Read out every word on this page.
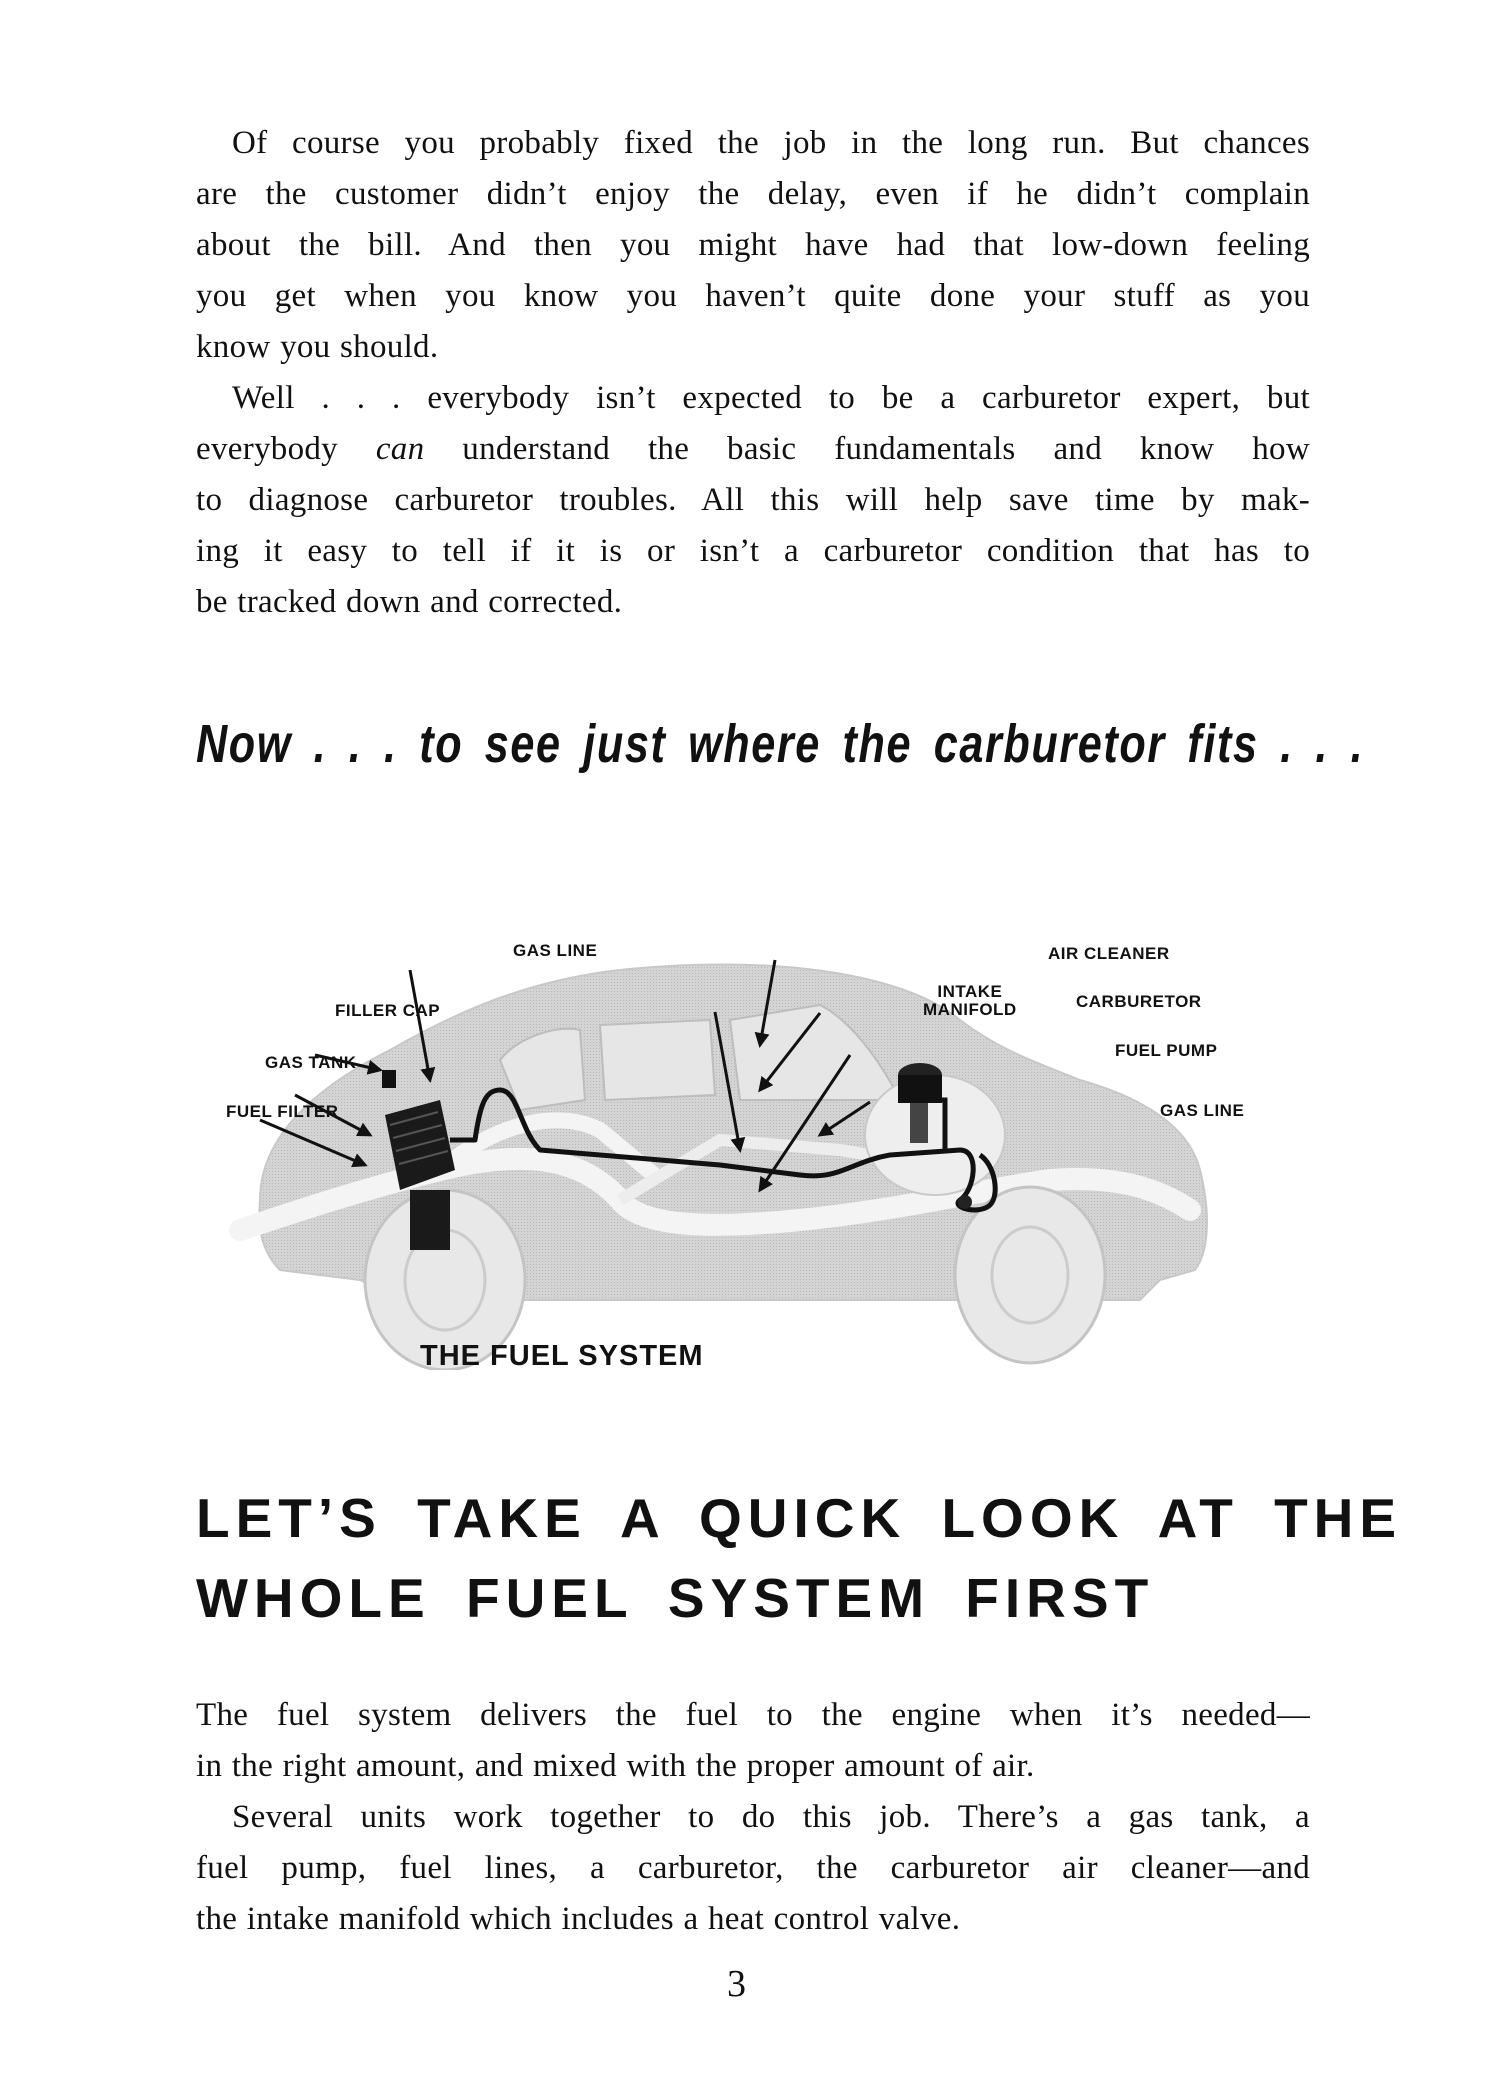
Of course you probably fixed the job in the long run. But chances
are the customer didn’t enjoy the delay, even if he didn’t complain
about the bill. And then you might have had that low-down feeling
you get when you know you haven’t quite done your stuff as you
know you should.
Well . . . everybody isn’t expected to be a carburetor expert, but
everybody can understand the basic fundamentals and know how
to diagnose carburetor troubles. All this will help save time by mak-
ing it easy to tell if it is or isn’t a carburetor condition that has to
be tracked down and corrected.
Now . . . to see just where the carburetor fits . . .
GAS LINE
FILLER CAP
GAS TANK
FUEL FILTER
AIR CLEANER
INTAKE
MANIFOLD	CARBURETOR
FUEL PUMP
GAS LINE
THE FUEL SYSTEM
LET’S TAKE A QUICK LOOK AT THE
WHOLE FUEL SYSTEM FIRST
The fuel system delivers the fuel to the engine when it’s needed—
in the right amount, and mixed with the proper amount of air.
Several units work together to do this job. There’s a gas tank, a
fuel pump, fuel lines, a carburetor, the carburetor air cleaner—and
the intake manifold which includes a heat control valve.
3
